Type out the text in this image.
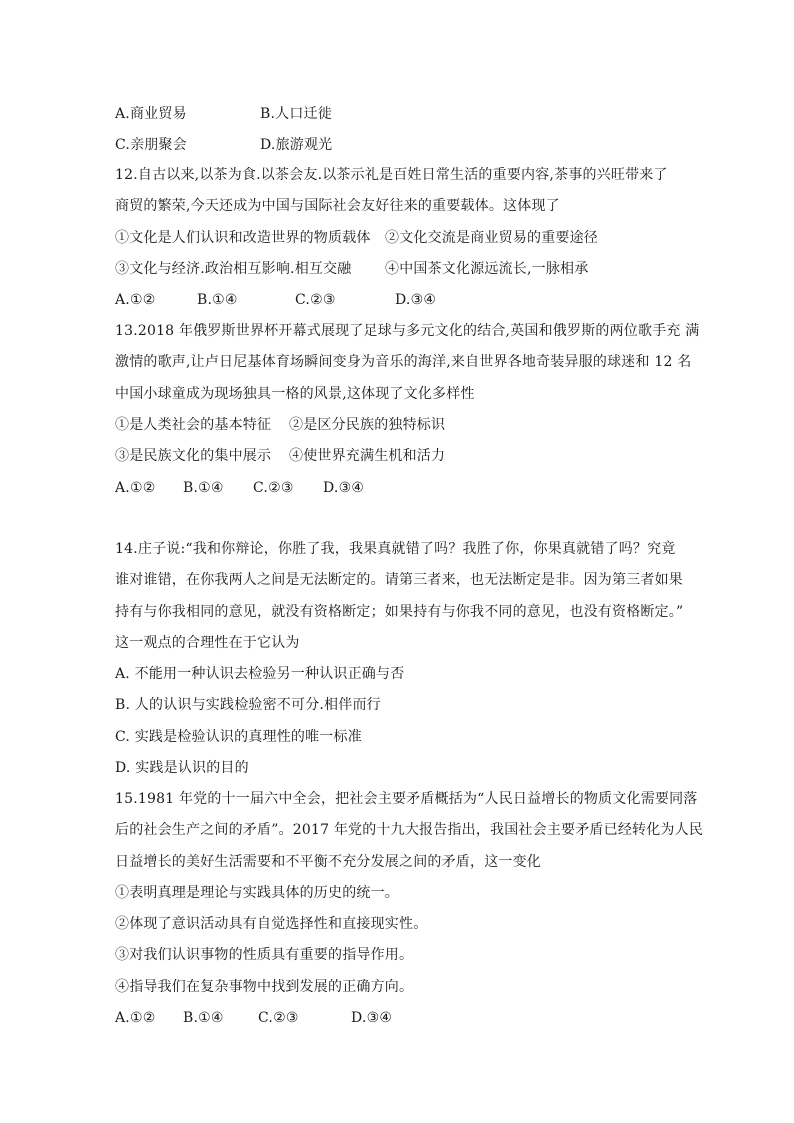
A.商业贸易	B.人口迁徙
C.亲朋聚会	D.旅游观光
12.自古以来,以茶为食.以茶会友.以茶示礼是百姓日常生活的重要内容,茶事的兴旺带来了
商贸的繁荣,今天还成为中国与国际社会友好往来的重要载体。这体现了
①文化是人们认识和改造世界的物质载体 ②文化交流是商业贸易的重要途径
③文化与经济.政治相互影响.相互交融 ④中国茶文化源远流长,一脉相承
A.①②	B.①④	C.②③	D.③④
13.2018 年俄罗斯世界杯开幕式展现了足球与多元文化的结合,英国和俄罗斯的两位歌手充 满
激情的歌声,让卢日尼基体育场瞬间变身为音乐的海洋,来自世界各地奇装异服的球迷和 12 名
中国小球童成为现场独具一格的风景,这体现了文化多样性
①是人类社会的基本特征 ②是区分民族的独特标识
③是民族文化的集中展示 ④使世界充满生机和活力
A.①② B.①④ C.②③ D.③④
14.庄子说:“我和你辩论，你胜了我，我果真就错了吗？我胜了你，你果真就错了吗？究竟
谁对谁错，在你我两人之间是无法断定的。请第三者来，也无法断定是非。因为第三者如果
持有与你我相同的意见，就没有资格断定；如果持有与你我不同的意见，也没有资格断定。”
这一观点的合理性在于它认为
A. 不能用一种认识去检验另一种认识正确与否
B. 人的认识与实践检验密不可分.相伴而行
C. 实践是检验认识的真理性的唯一标准
D. 实践是认识的目的
15.1981 年党的十一届六中全会，把社会主要矛盾概括为“人民日益增长的物质文化需要同落
后的社会生产之间的矛盾”。2017 年党的十九大报告指出，我国社会主要矛盾已经转化为人民
日益增长的美好生活需要和不平衡不充分发展之间的矛盾，这一变化
①表明真理是理论与实践具体的历史的统一。
②体现了意识活动具有自觉选择性和直接现实性。
③对我们认识事物的性质具有重要的指导作用。
④指导我们在复杂事物中找到发展的正确方向。
A.①② B.①④ C.②③	D.③④
